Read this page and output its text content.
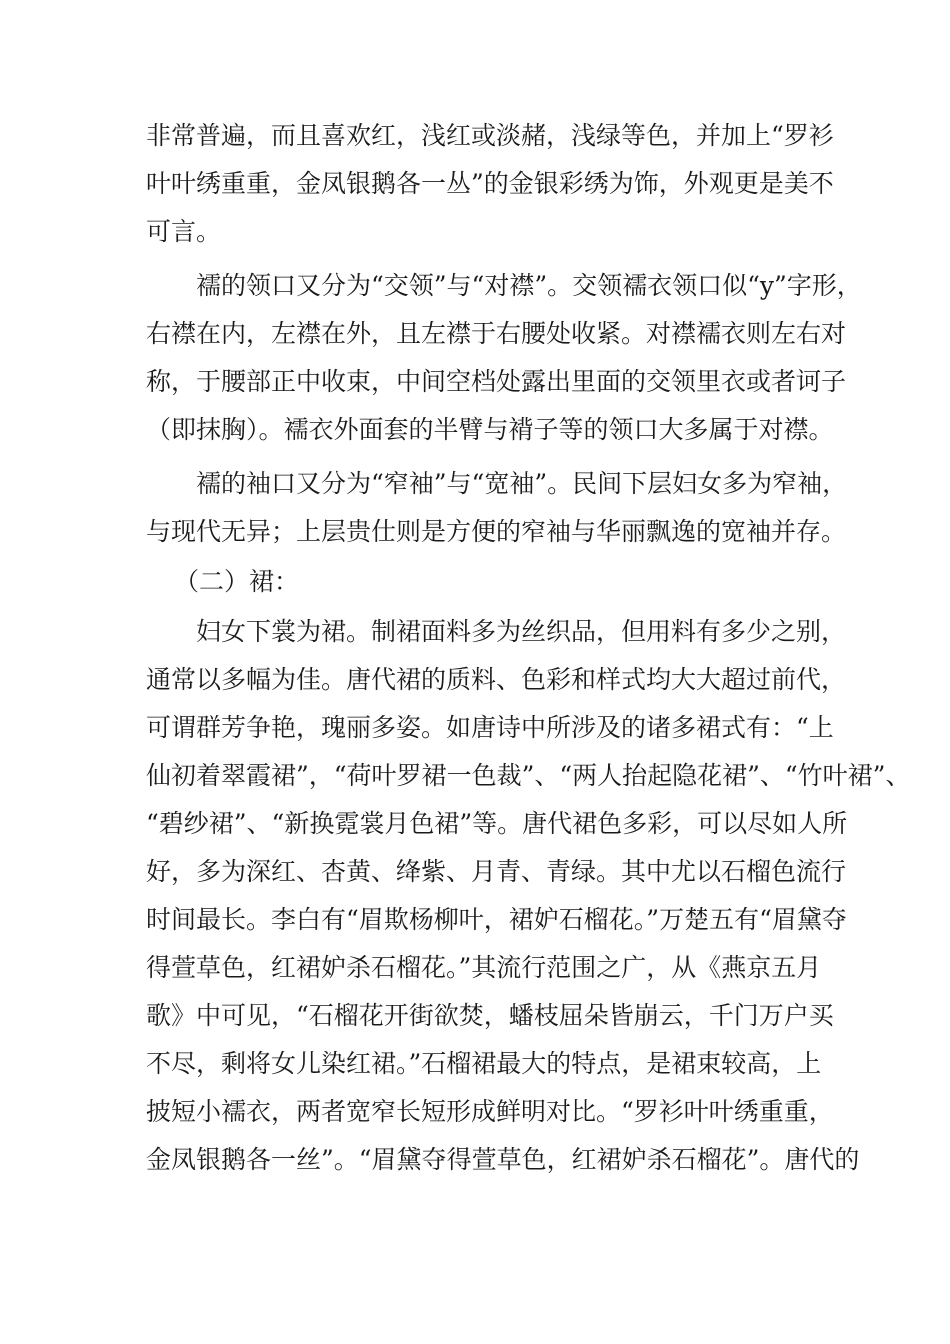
非常普遍，而且喜欢红，浅红或淡赭，浅绿等色，并加上“罗衫
叶叶绣重重，金凤银鹅各一丛”的金银彩绣为饰，外观更是美不
可言。
襦的领口又分为“交领”与“对襟”。交领襦衣领口似“y”字形，
右襟在内，左襟在外，且左襟于右腰处收紧。对襟襦衣则左右对
称，于腰部正中收束，中间空档处露出里面的交领里衣或者诃子
（即抹胸）。襦衣外面套的半臂与褙子等的领口大多属于对襟。
襦的袖口又分为“窄袖”与“宽袖”。民间下层妇女多为窄袖，
与现代无异；上层贵仕则是方便的窄袖与华丽飘逸的宽袖并存。
（二）裙：
妇女下裳为裙。制裙面料多为丝织品，但用料有多少之别，
通常以多幅为佳。唐代裙的质料、色彩和样式均大大超过前代，
可谓群芳争艳，瑰丽多姿。如唐诗中所涉及的诸多裙式有：“上
仙初着翠霞裙”，“荷叶罗裙一色裁”、“两人抬起隐花裙”、“竹叶裙”、
“碧纱裙”、“新换霓裳月色裙”等。唐代裙色多彩，可以尽如人所
好，多为深红、杏黄、绛紫、月青、青绿。其中尤以石榴色流行
时间最长。李白有“眉欺杨柳叶，裙妒石榴花。”万楚五有“眉黛夺
得萱草色，红裙妒杀石榴花。”其流行范围之广，从《燕京五月
歌》中可见，“石榴花开街欲焚，蟠枝屈朵皆崩云，千门万户买
不尽，剩将女儿染红裙。”石榴裙最大的特点，是裙束较高，上
披短小襦衣，两者宽窄长短形成鲜明对比。“罗衫叶叶绣重重，
金凤银鹅各一丝”。“眉黛夺得萱草色，红裙妒杀石榴花”。唐代的
